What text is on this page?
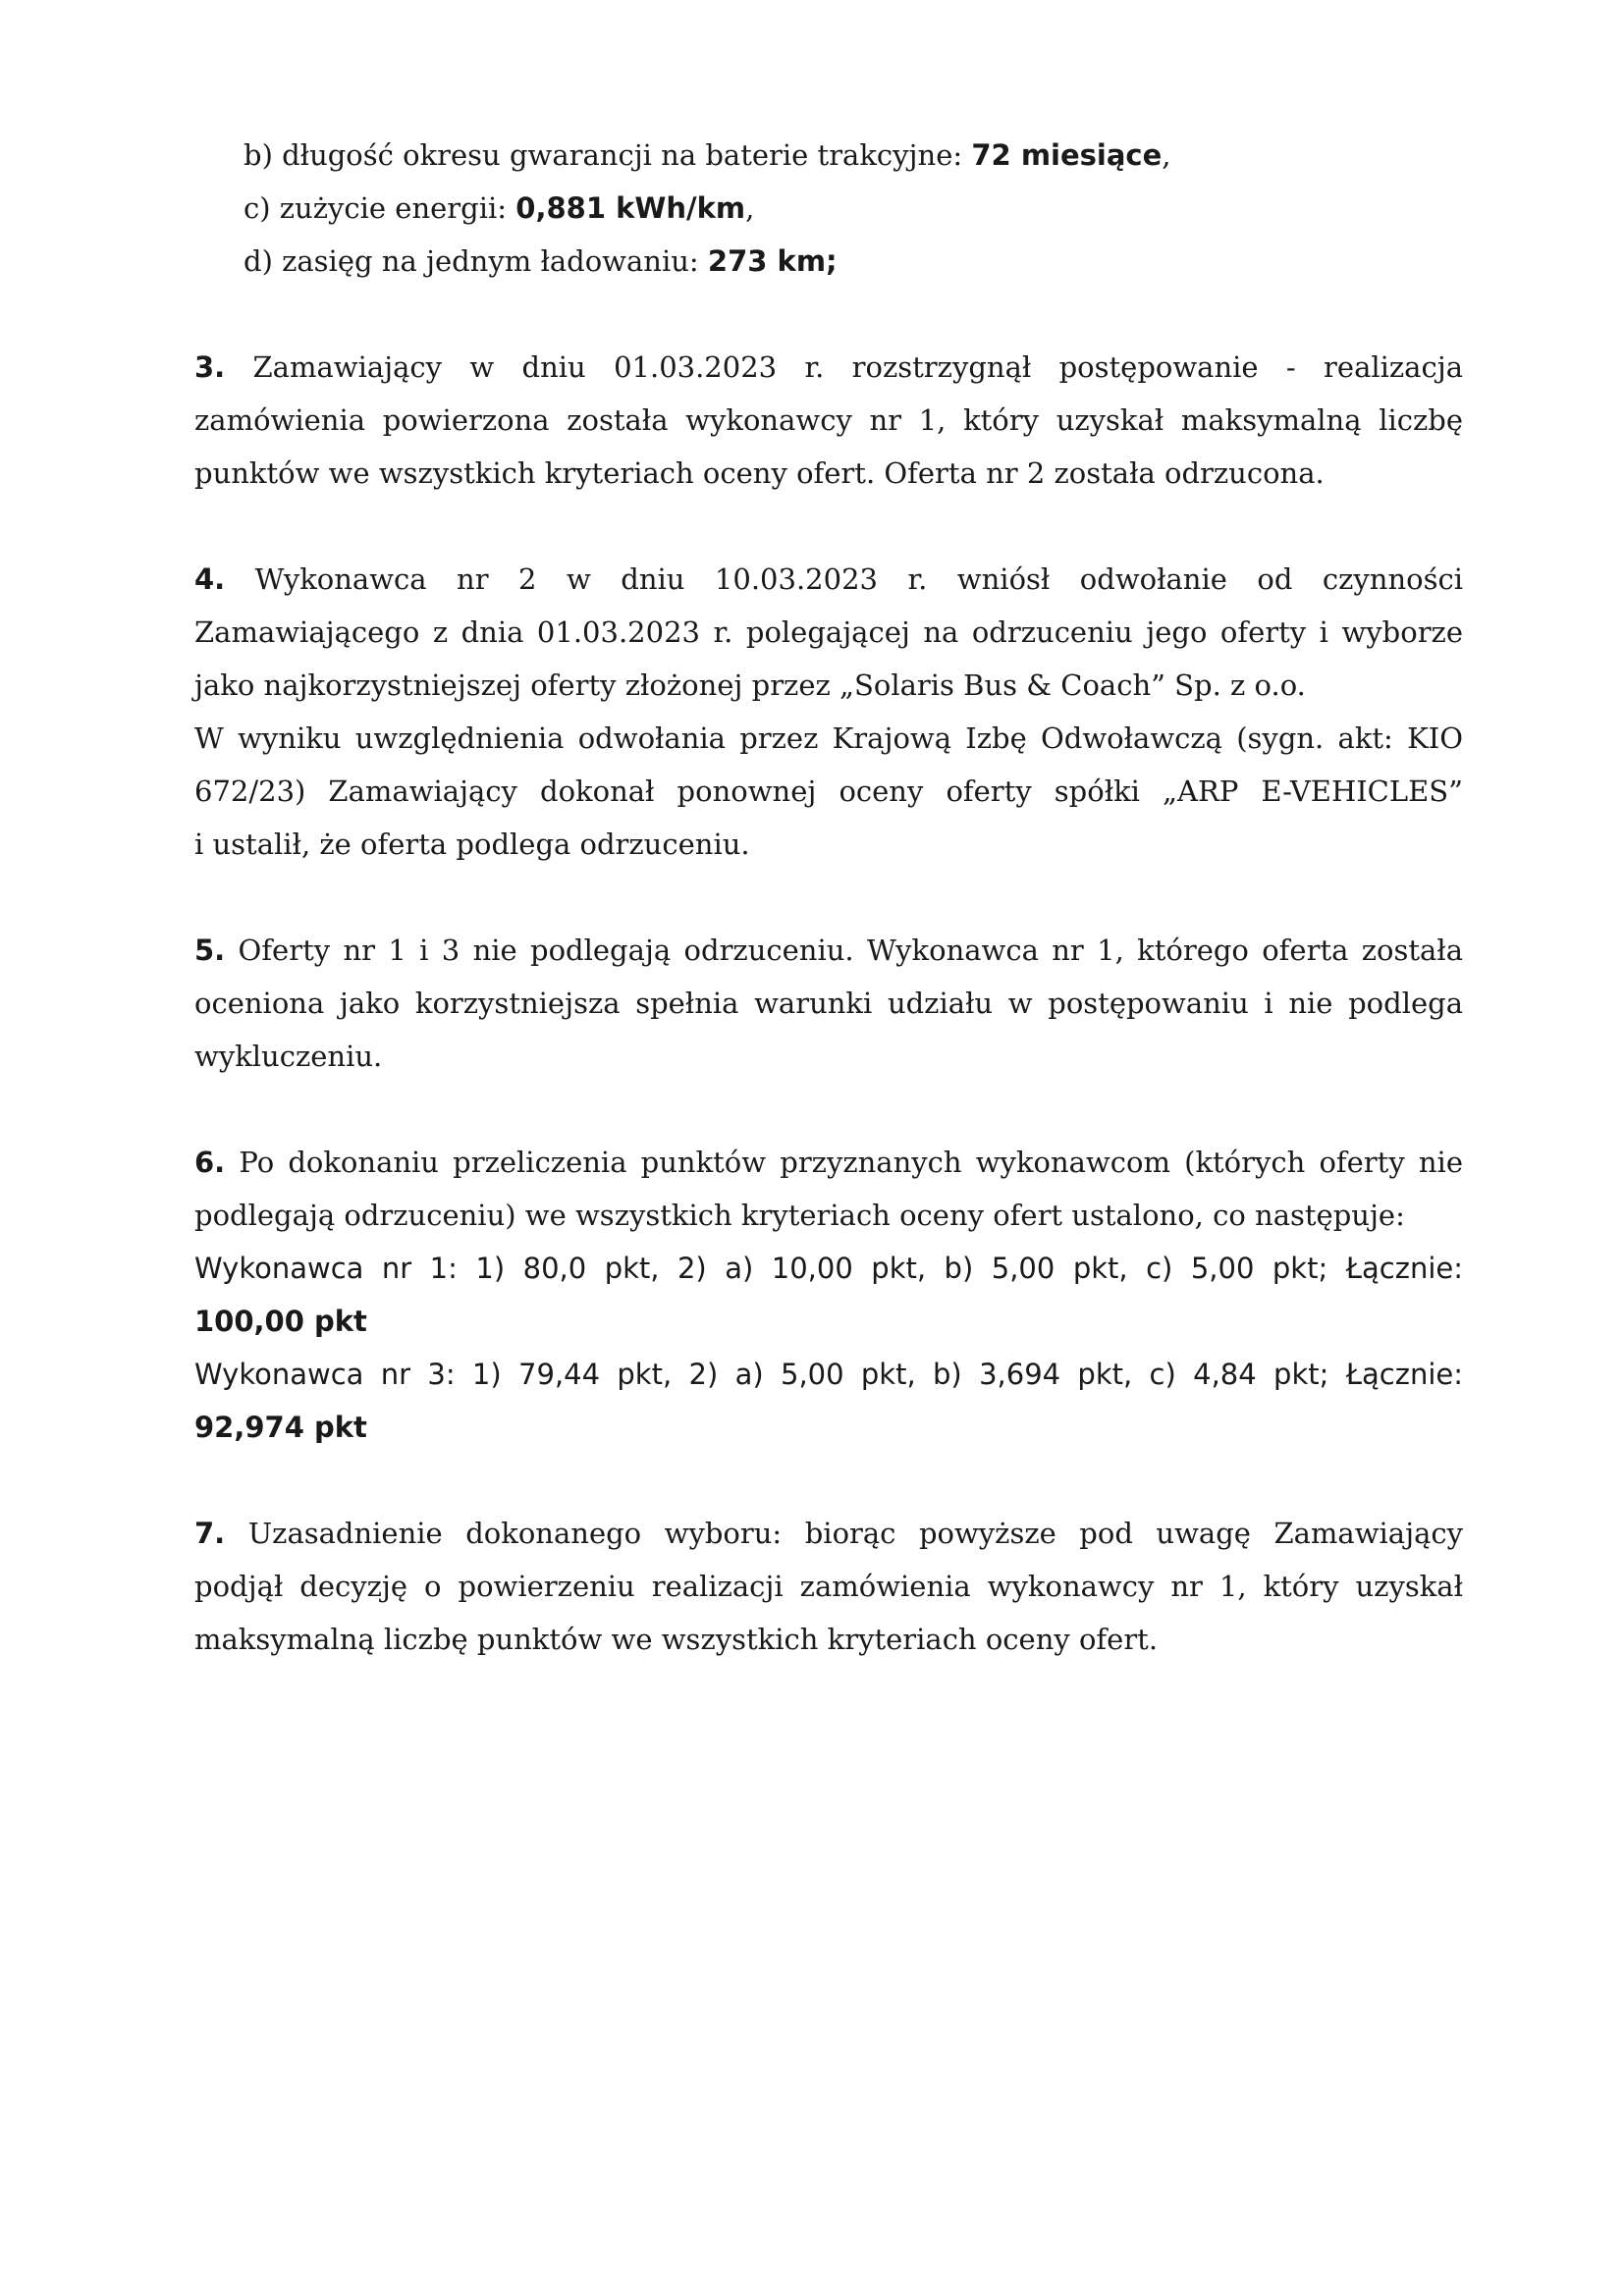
b) długość okresu gwarancji na baterie trakcyjne: 72 miesiące,
c) zużycie energii: 0,881 kWh/km,
d) zasięg na jednym ładowaniu: 273 km;
3. Zamawiający w dniu 01.03.2023 r. rozstrzygnął postępowanie - realizacja
zamówienia powierzona została wykonawcy nr 1, który uzyskał maksymalną liczbę
punktów we wszystkich kryteriach oceny ofert. Oferta nr 2 została odrzucona.
4. Wykonawca nr 2 w dniu 10.03.2023 r. wniósł odwołanie od czynności
Zamawiającego z dnia 01.03.2023 r. polegającej na odrzuceniu jego oferty i wyborze
jako najkorzystniejszej oferty złożonej przez „Solaris Bus & Coach” Sp. z o.o.
W wyniku uwzględnienia odwołania przez Krajową Izbę Odwoławczą (sygn. akt: KIO
672/23) Zamawiający dokonał ponownej oceny oferty spółki „ARP E-VEHICLES”
i ustalił, że oferta podlega odrzuceniu.
5. Oferty nr 1 i 3 nie podlegają odrzuceniu. Wykonawca nr 1, którego oferta została
oceniona jako korzystniejsza spełnia warunki udziału w postępowaniu i nie podlega
wykluczeniu.
6. Po dokonaniu przeliczenia punktów przyznanych wykonawcom (których oferty nie
podlegają odrzuceniu) we wszystkich kryteriach oceny ofert ustalono, co następuje:
Wykonawca nr 1: 1) 80,0 pkt, 2) a) 10,00 pkt, b) 5,00 pkt, c) 5,00 pkt; Łącznie:
100,00 pkt
Wykonawca nr 3: 1) 79,44 pkt, 2) a) 5,00 pkt, b) 3,694 pkt, c) 4,84 pkt; Łącznie:
92,974 pkt
7. Uzasadnienie dokonanego wyboru: biorąc powyższe pod uwagę Zamawiający
podjął decyzję o powierzeniu realizacji zamówienia wykonawcy nr 1, który uzyskał
maksymalną liczbę punktów we wszystkich kryteriach oceny ofert.
